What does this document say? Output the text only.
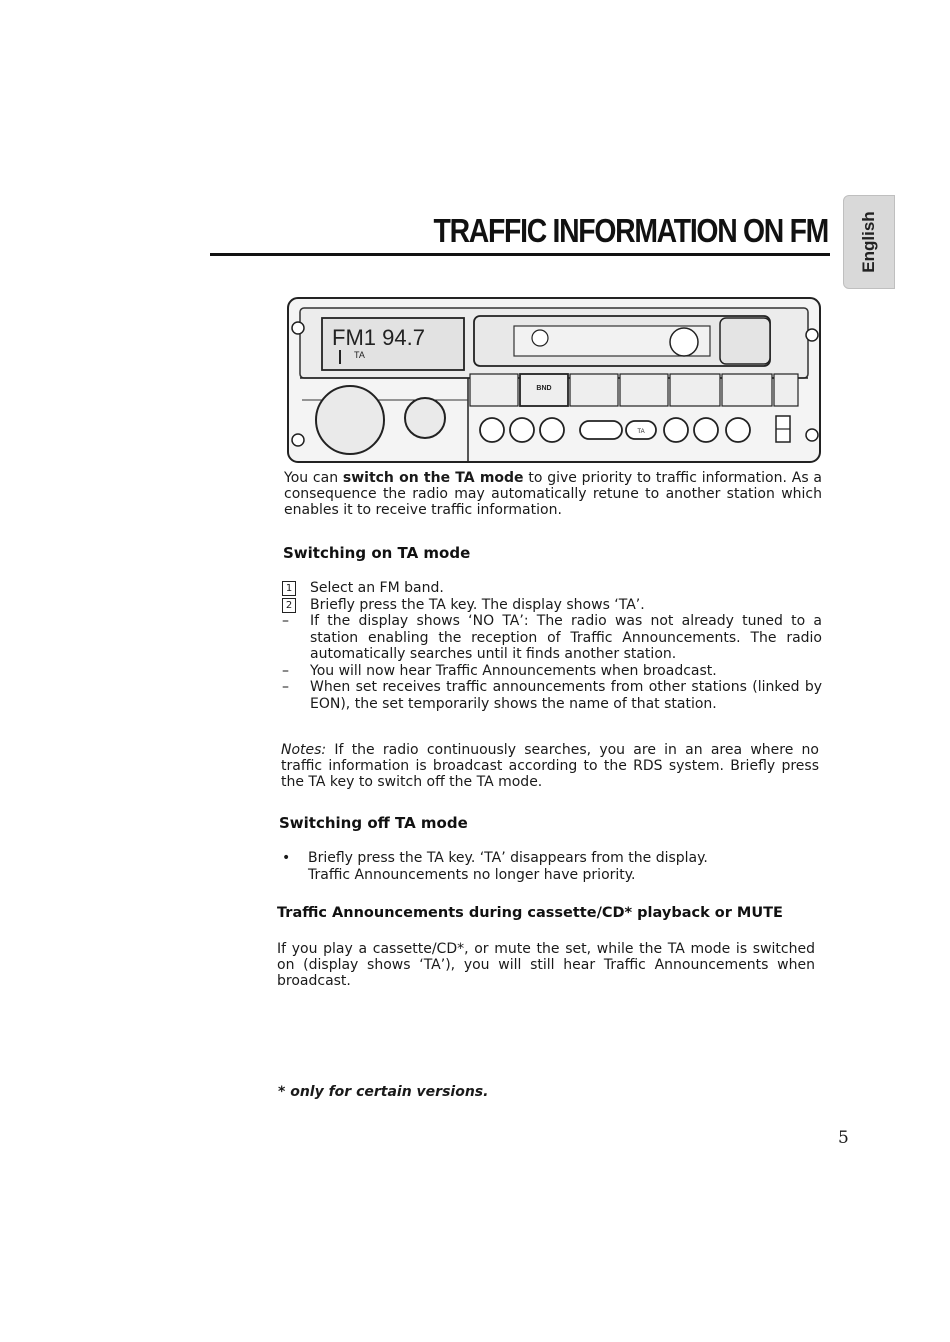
TRAFFIC INFORMATION ON FM English
FM1 94.7
TA
BND
TA

You can switch on the TA mode to give priority to traffic information. As a consequence the radio may automatically retune to another station which enables it to receive traffic information.

Switching on TA mode
1 Select an FM band.
2 Briefly press the TA key. The display shows ‘TA’.
– If the display shows ‘NO TA’: The radio was not already tuned to a station enabling the reception of Traffic Announcements. The radio automatically searches until it finds another station.
– You will now hear Traffic Announcements when broadcast.
– When set receives traffic announcements from other stations (linked by EON), the set temporarily shows the name of that station.

Notes: If the radio continuously searches, you are in an area where no traffic information is broadcast according to the RDS system. Briefly press the TA key to switch off the TA mode.

Switching off TA mode
• Briefly press the TA key. ‘TA’ disappears from the display.
Traffic Announcements no longer have priority.
Traffic Announcements during cassette/CD* playback or MUTE

If you play a cassette/CD*, or mute the set, while the TA mode is switched on (display shows ‘TA’), you will still hear Traffic Announcements when broadcast.

* only for certain versions.
5
